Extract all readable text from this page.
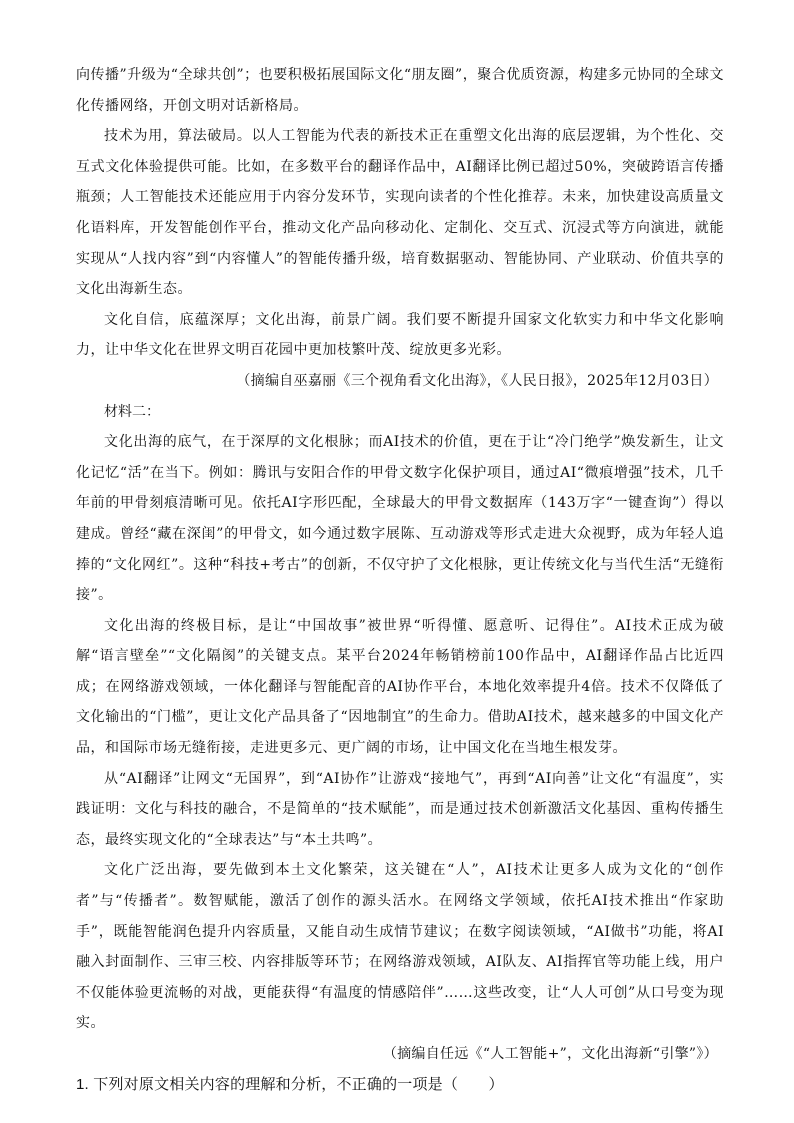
向传播”升级为“全球共创”；也要积极拓展国际文化“朋友圈”，聚合优质资源，构建多元协同的全球文化传播网络，开创文明对话新格局。

技术为用，算法破局。以人工智能为代表的新技术正在重塑文化出海的底层逻辑，为个性化、交互式文化体验提供可能。比如，在多数平台的翻译作品中，AI翻译比例已超过50%，突破跨语言传播瓶颈；人工智能技术还能应用于内容分发环节，实现向读者的个性化推荐。未来，加快建设高质量文化语料库，开发智能创作平台，推动文化产品向移动化、定制化、交互式、沉浸式等方向演进，就能实现从“人找内容”到“内容懂人”的智能传播升级，培育数据驱动、智能协同、产业联动、价值共享的文化出海新生态。

文化自信，底蕴深厚；文化出海，前景广阔。我们要不断提升国家文化软实力和中华文化影响力，让中华文化在世界文明百花园中更加枝繁叶茂、绽放更多光彩。

（摘编自巫嘉丽《三个视角看文化出海》，《人民日报》，2025年12月03日）

材料二：

文化出海的底气，在于深厚的文化根脉；而AI技术的价值，更在于让“冷门绝学”焕发新生，让文化记忆“活”在当下。例如：腾讯与安阳合作的甲骨文数字化保护项目，通过AI“微痕增强”技术，几千年前的甲骨刻痕清晰可见。依托AI字形匹配，全球最大的甲骨文数据库（143万字“一键查询”）得以建成。曾经“藏在深闺”的甲骨文，如今通过数字展陈、互动游戏等形式走进大众视野，成为年轻人追捧的“文化网红”。这种“科技+考古”的创新，不仅守护了文化根脉，更让传统文化与当代生活“无缝衔接”。

文化出海的终极目标，是让“中国故事”被世界“听得懂、愿意听、记得住”。AI技术正成为破解“语言壁垒”“文化隔阂”的关键支点。某平台2024年畅销榜前100作品中，AI翻译作品占比近四成；在网络游戏领域，一体化翻译与智能配音的AI协作平台，本地化效率提升4倍。技术不仅降低了文化输出的“门槛”，更让文化产品具备了“因地制宜”的生命力。借助AI技术，越来越多的中国文化产品，和国际市场无缝衔接，走进更多元、更广阔的市场，让中国文化在当地生根发芽。

从“AI翻译”让网文“无国界”，到“AI协作”让游戏“接地气”，再到“AI向善”让文化“有温度”，实践证明：文化与科技的融合，不是简单的“技术赋能”，而是通过技术创新激活文化基因、重构传播生态，最终实现文化的“全球表达”与“本土共鸣”。

文化广泛出海，要先做到本土文化繁荣，这关键在“人”，AI技术让更多人成为文化的“创作者”与“传播者”。数智赋能，激活了创作的源头活水。在网络文学领域，依托AI技术推出“作家助手”，既能智能润色提升内容质量，又能自动生成情节建议；在数字阅读领域，“AI做书”功能，将AI融入封面制作、三审三校、内容排版等环节；在网络游戏领域，AI队友、AI指挥官等功能上线，用户不仅能体验更流畅的对战，更能获得“有温度的情感陪伴”……这些改变，让“人人可创”从口号变为现实。

（摘编自任远《“人工智能+”，文化出海新“引擎”》）

1. 下列对原文相关内容的理解和分析，不正确的一项是（　　）
